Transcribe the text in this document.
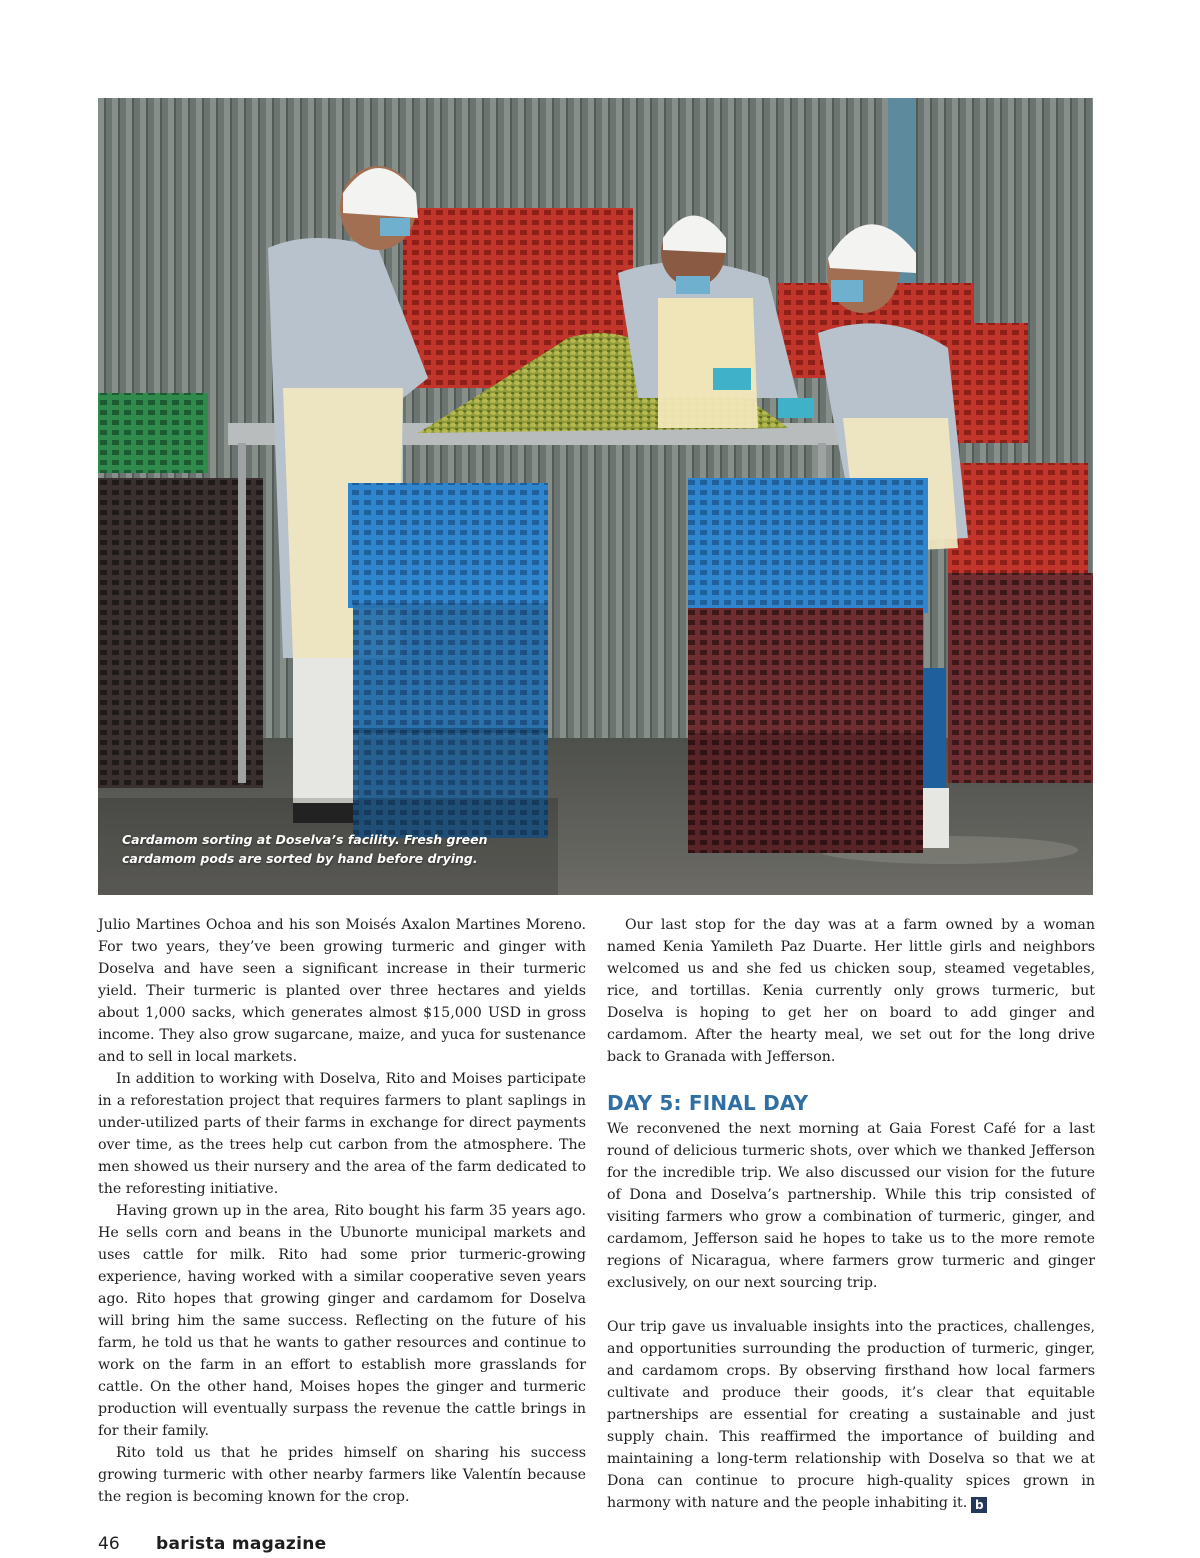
Cardamom sorting at Doselva’s facility. Fresh green
cardamom pods are sorted by hand before drying.

Julio Martines Ochoa and his son Moisés Axalon Martines Moreno. For two years, they’ve been growing turmeric and ginger with Doselva and have seen a significant increase in their turmeric yield. Their turmeric is planted over three hectares and yields about 1,000 sacks, which generates almost $15,000 USD in gross income. They also grow sugarcane, maize, and yuca for sustenance and to sell in local markets.

In addition to working with Doselva, Rito and Moises participate in a reforestation project that requires farmers to plant saplings in under-utilized parts of their farms in exchange for direct payments over time, as the trees help cut carbon from the atmosphere. The men showed us their nursery and the area of the farm dedicated to the reforesting initiative.

Having grown up in the area, Rito bought his farm 35 years ago. He sells corn and beans in the Ubunorte municipal markets and uses cattle for milk. Rito had some prior turmeric-growing experience, having worked with a similar cooperative seven years ago. Rito hopes that growing ginger and cardamom for Doselva will bring him the same success. Reflecting on the future of his farm, he told us that he wants to gather resources and continue to work on the farm in an effort to establish more grasslands for cattle. On the other hand, Moises hopes the ginger and turmeric production will eventually surpass the revenue the cattle brings in for their family.

Rito told us that he prides himself on sharing his success growing turmeric with other nearby farmers like Valentín because the region is becoming known for the crop.

Our last stop for the day was at a farm owned by a woman named Kenia Yamileth Paz Duarte. Her little girls and neighbors welcomed us and she fed us chicken soup, steamed vegetables, rice, and tortillas. Kenia currently only grows turmeric, but Doselva is hoping to get her on board to add ginger and cardamom. After the hearty meal, we set out for the long drive back to Granada with Jefferson.

DAY 5: FINAL DAY

We reconvened the next morning at Gaia Forest Café for a last round of delicious turmeric shots, over which we thanked Jefferson for the incredible trip. We also discussed our vision for the future of Dona and Doselva’s partnership. While this trip consisted of visiting farmers who grow a combination of turmeric, ginger, and cardamom, Jefferson said he hopes to take us to the more remote regions of Nicaragua, where farmers grow turmeric and ginger exclusively, on our next sourcing trip.

Our trip gave us invaluable insights into the practices, challenges, and opportunities surrounding the production of turmeric, ginger, and cardamom crops. By observing firsthand how local farmers cultivate and produce their goods, it’s clear that equitable partnerships are essential for creating a sustainable and just supply chain. This reaffirmed the importance of building and maintaining a long-term relationship with Doselva so that we at Dona can continue to procure high-quality spices grown in harmony with nature and the people inhabiting it. b

46 barista magazine
